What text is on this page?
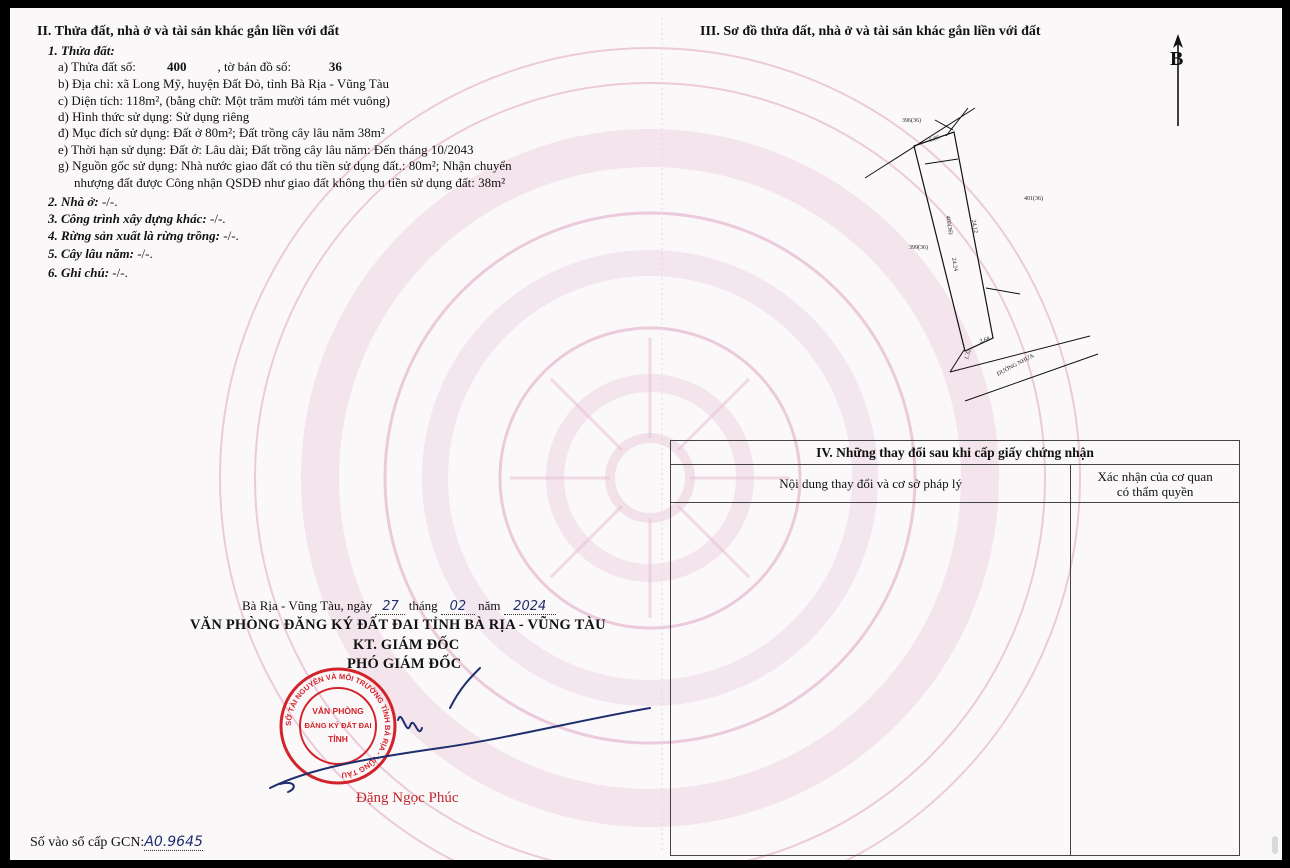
II. Thửa đất, nhà ở và tài sản khác gắn liền với đất
1. Thửa đất:
a) Thửa đất số: 400 , tờ bản đồ số:	36
b) Địa chỉ: xã Long Mỹ, huyện Đất Đỏ, tỉnh Bà Rịa - Vũng Tàu
c) Diện tích: 118m², (bằng chữ: Một trăm mười tám mét vuông)
d) Hình thức sử dụng: Sử dụng riêng
đ) Mục đích sử dụng: Đất ở 80m²; Đất trồng cây lâu năm 38m²
e) Thời hạn sử dụng: Đất ở: Lâu dài; Đất trồng cây lâu năm: Đến tháng 10/2043
g) Nguồn gốc sử dụng: Nhà nước giao đất có thu tiền sử dụng đất.: 80m²; Nhận chuyển
nhượng đất được Công nhận QSDĐ như giao đất không thu tiền sử dụng đất: 38m²
2. Nhà ở: -/-.
3. Công trình xây dựng khác: -/-.
4. Rừng sản xuất là rừng trồng: -/-.
5. Cây lâu năm: -/-.
6. Ghi chú: -/-.
III. Sơ đồ thửa đất, nhà ở và tài sản khác gắn liền với đất
B
396(36)
401(36)
399(36)
400(36)
5.06
24.12
24.24
1.32
3.68
ĐƯỜNG NHỰA
IV. Những thay đổi sau khi cấp giấy chứng nhận	
Nội dung thay đổi và cơ sở pháp lý	Xác nhận của cơ quan
có thẩm quyền

Bà Rịa - Vũng Tàu, ngày 27 tháng 02 năm 2024
VĂN PHÒNG ĐĂNG KÝ ĐẤT ĐAI TỈNH BÀ RỊA - VŨNG TÀU
KT. GIÁM ĐỐC
PHÓ GIÁM ĐỐC
SỞ TÀI NGUYÊN VÀ MÔI TRƯỜNG TỈNH BÀ RỊA - VŨNG TÀU
VĂN PHÒNG
ĐĂNG KÝ ĐẤT ĐAI
TỈNH
Đặng Ngọc Phúc
Số vào sổ cấp GCN:A0.9645
